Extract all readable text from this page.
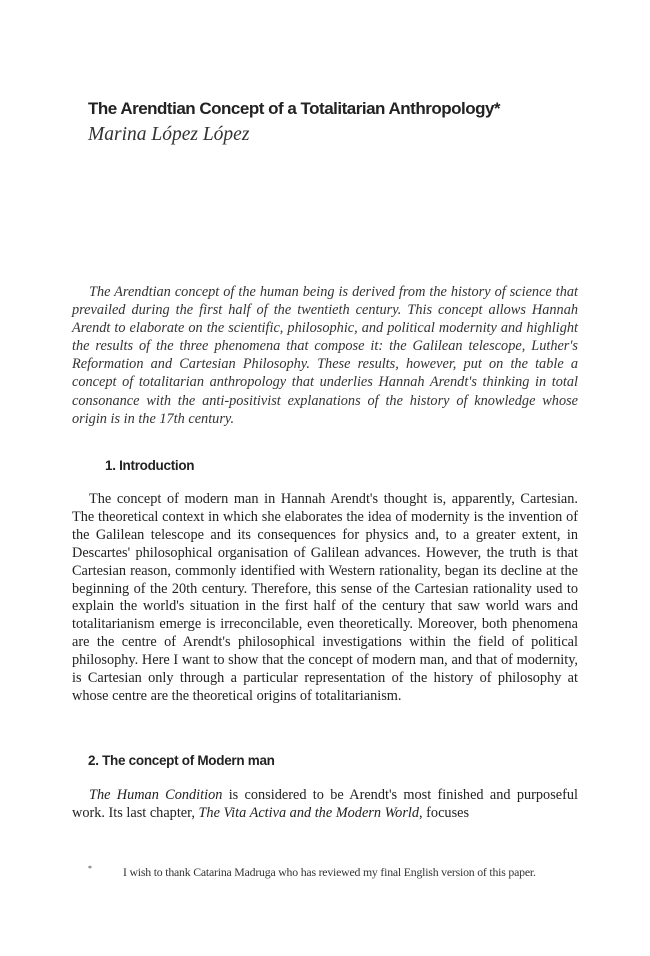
The Arendtian Concept of a Totalitarian Anthropology*
Marina López López

The Arendtian concept of the human being is derived from the history of science that prevailed during the first half of the twentieth century. This concept allows Hannah Arendt to elaborate on the scientific, philosophic, and political modernity and highlight the results of the three phenomena that compose it: the Galilean telescope, Luther's Reformation and Cartesian Philosophy. These results, however, put on the table a concept of totalitarian anthropology that underlies Hannah Arendt's thinking in total consonance with the anti-positivist explanations of the history of knowledge whose origin is in the 17th century.

1. Introduction

The concept of modern man in Hannah Arendt's thought is, apparently, Cartesian. The theoretical context in which she elaborates the idea of modernity is the invention of the Galilean telescope and its consequences for physics and, to a greater extent, in Descartes' philosophical organisation of Galilean advances. However, the truth is that Cartesian reason, commonly identified with Western rationality, began its decline at the beginning of the 20th century. Therefore, this sense of the Cartesian rationality used to explain the world's situation in the first half of the century that saw world wars and totalitarianism emerge is irreconcilable, even theoretically. Moreover, both phenomena are the centre of Arendt's philosophical investigations within the field of political philosophy. Here I want to show that the concept of modern man, and that of modernity, is Cartesian only through a particular representation of the history of philosophy at whose centre are the theoretical origins of totalitarianism.

2. The concept of Modern man

The Human Condition is considered to be Arendt's most finished and purposeful work. Its last chapter, The Vita Activa and the Modern World, focuses

*	I wish to thank Catarina Madruga who has reviewed my final English version of this paper.
